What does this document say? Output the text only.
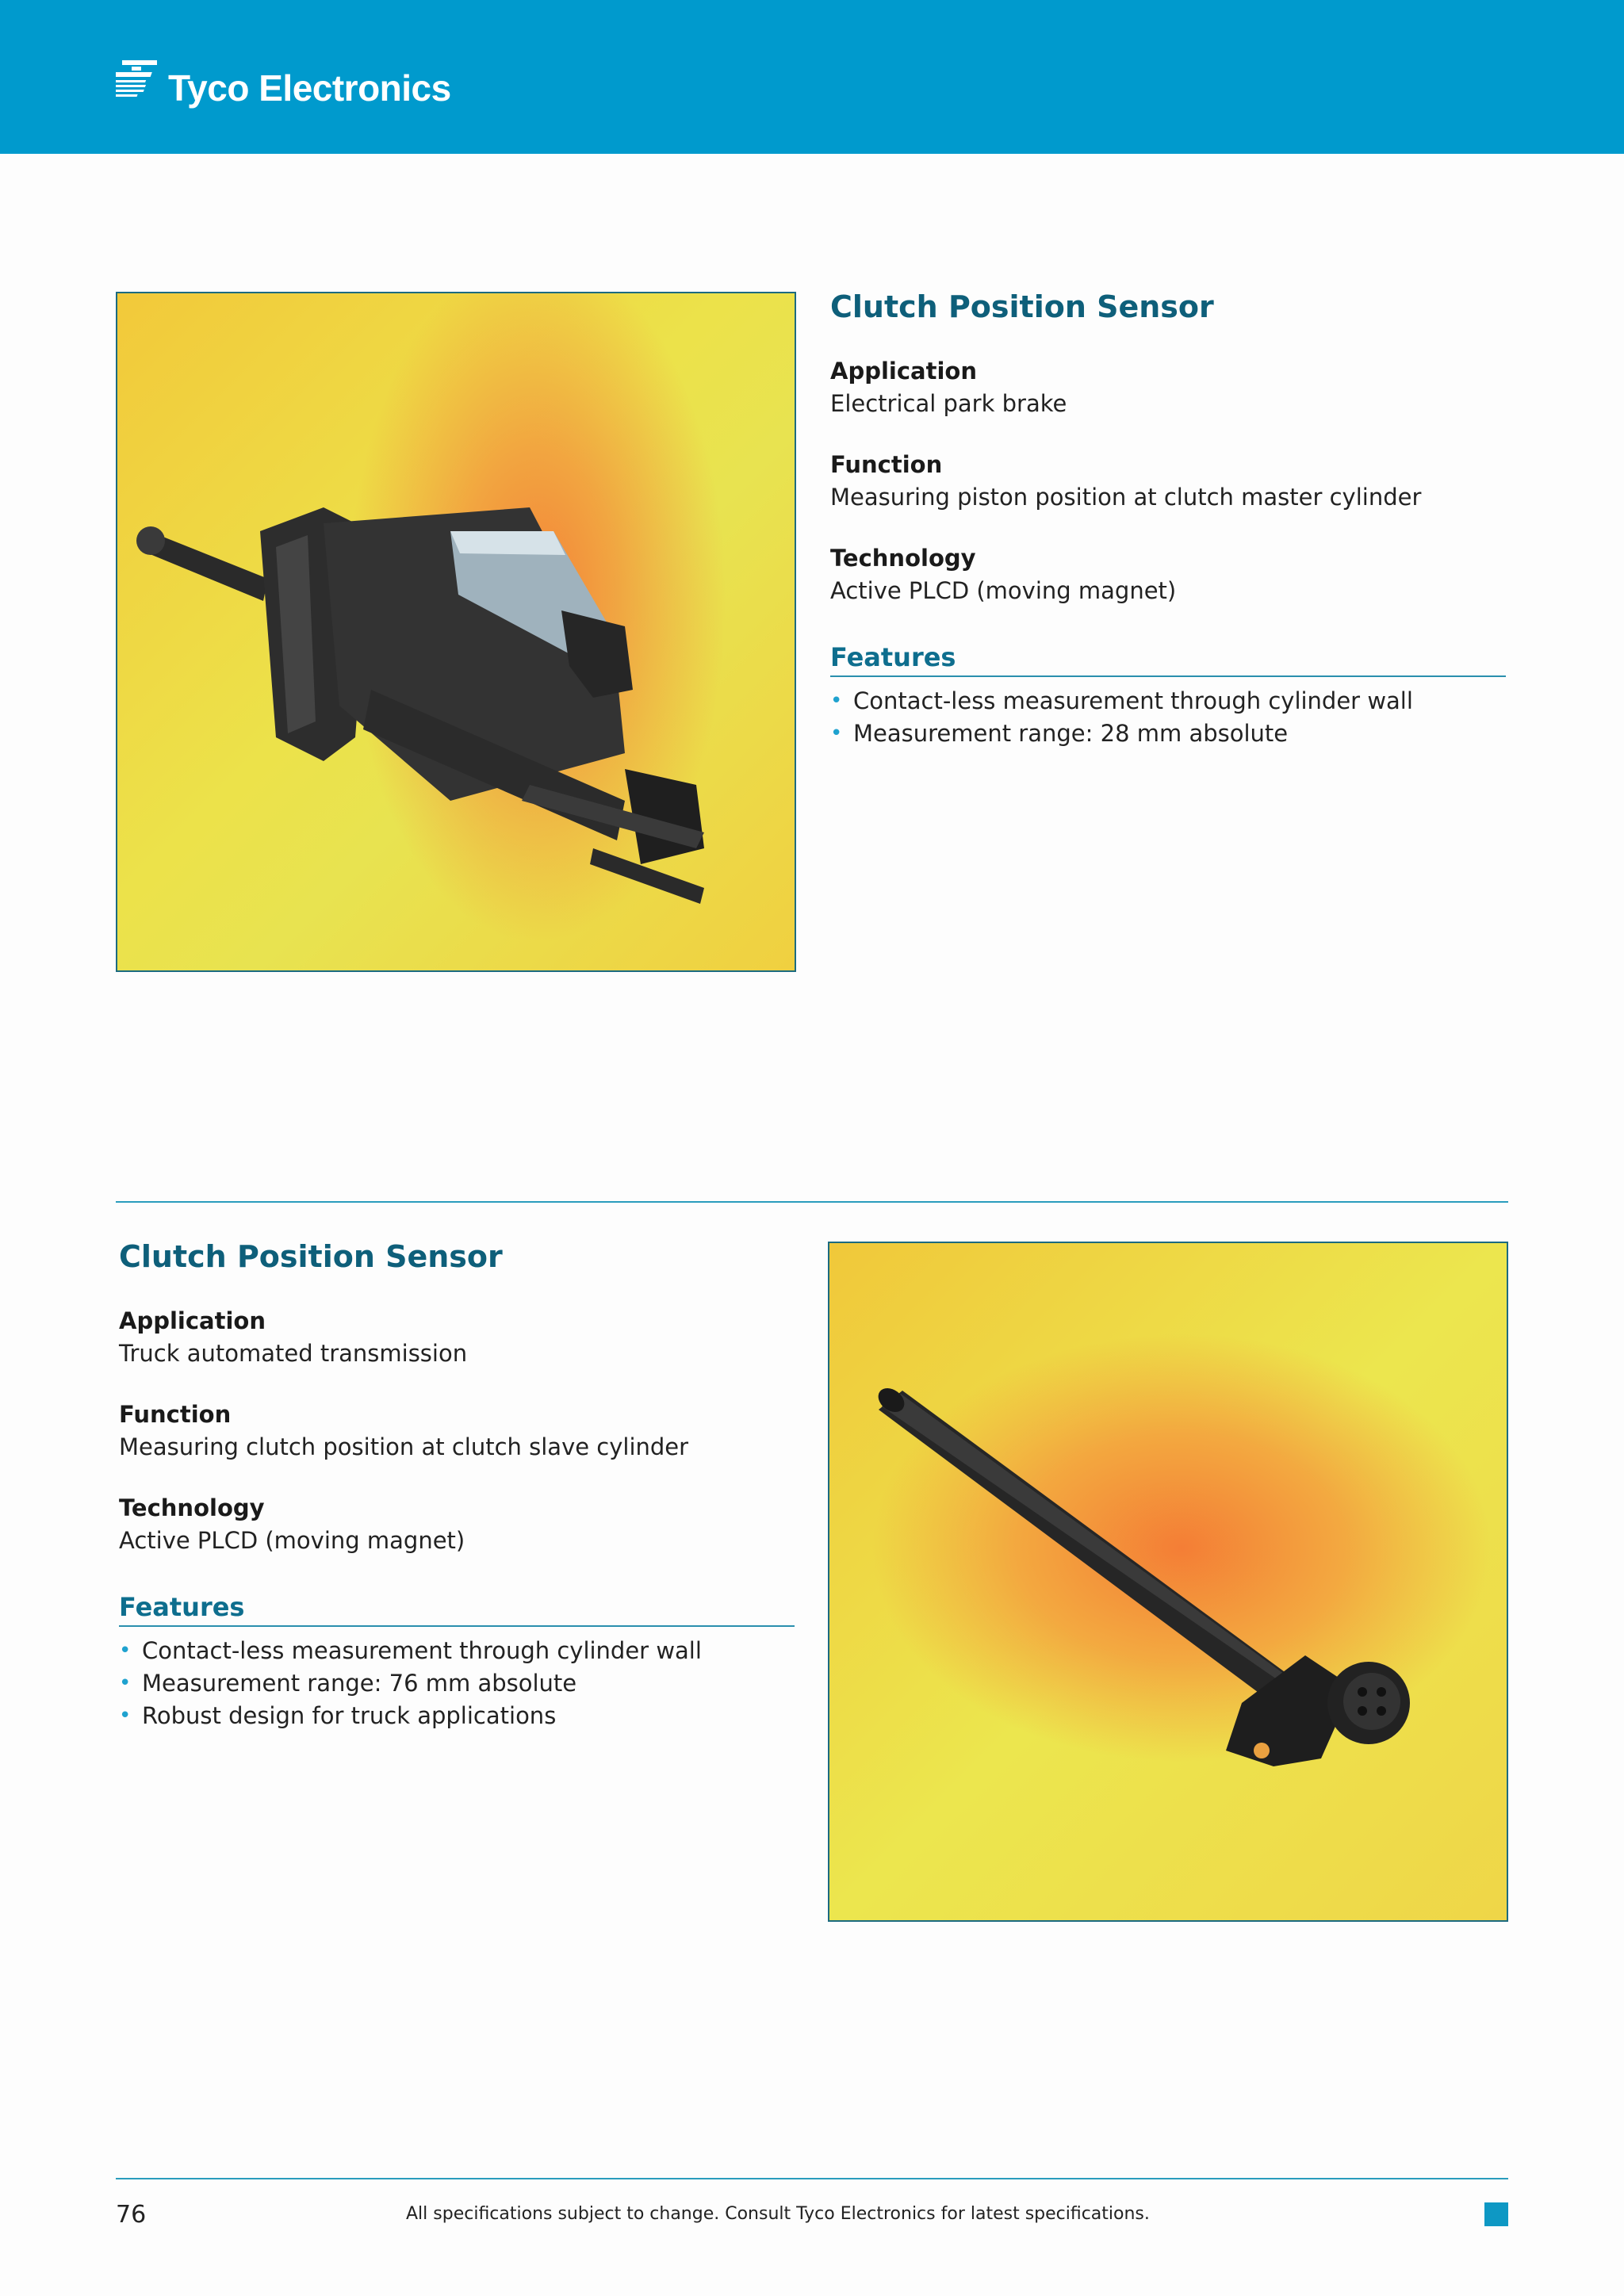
Tyco Electronics
Clutch Position Sensor
Application
Electrical park brake
Function
Measuring piston position at clutch master cylinder
Technology
Active PLCD (moving magnet)
Features
• Contact-less measurement through cylinder wall
• Measurement range: 28 mm absolute
Clutch Position Sensor
Application
Truck automated transmission
Function
Measuring clutch position at clutch slave cylinder
Technology
Active PLCD (moving magnet)
Features
• Contact-less measurement through cylinder wall
• Measurement range: 76 mm absolute
• Robust design for truck applications
76	All specifications subject to change. Consult Tyco Electronics for latest specifications.
